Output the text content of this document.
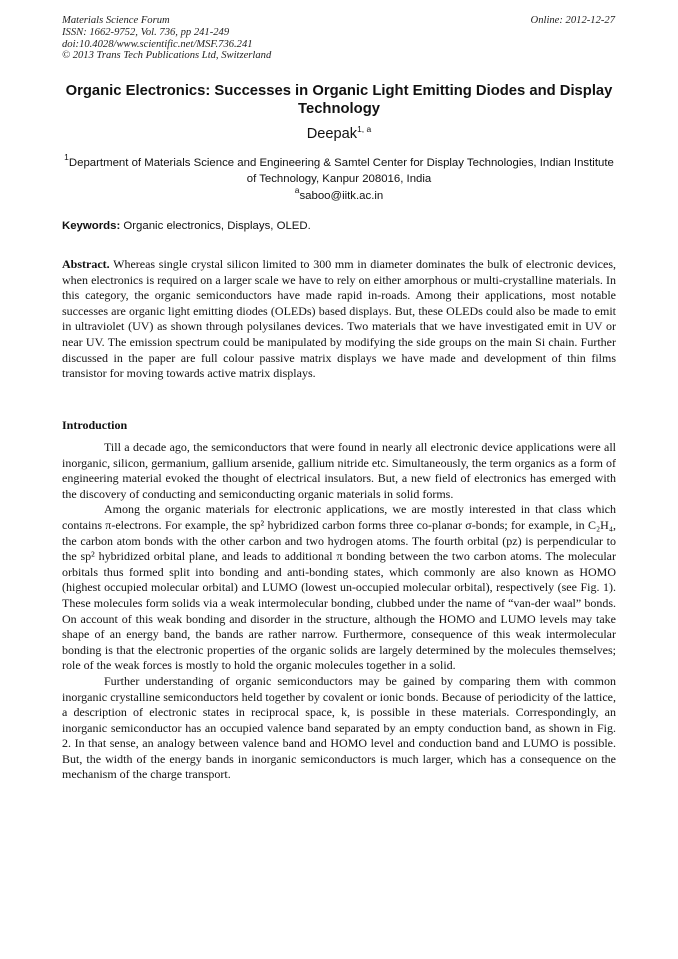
Materials Science Forum
ISSN: 1662-9752, Vol. 736, pp 241-249
doi:10.4028/www.scientific.net/MSF.736.241
© 2013 Trans Tech Publications Ltd, Switzerland
Online: 2012-12-27
Organic Electronics: Successes in Organic Light Emitting Diodes and Display Technology
Deepak$^{1, a}$
$^1$Department of Materials Science and Engineering & Samtel Center for Display Technologies, Indian Institute of Technology, Kanpur 208016, India
$^a$saboo@iitk.ac.in
Keywords: Organic electronics, Displays, OLED.
Abstract. Whereas single crystal silicon limited to 300 mm in diameter dominates the bulk of electronic devices, when electronics is required on a larger scale we have to rely on either amorphous or multi-crystalline materials. In this category, the organic semiconductors have made rapid in-roads. Among their applications, most notable successes are organic light emitting diodes (OLEDs) based displays. But, these OLEDs could also be made to emit in ultraviolet (UV) as shown through polysilanes devices. Two materials that we have investigated emit in UV or near UV. The emission spectrum could be manipulated by modifying the side groups on the main Si chain. Further discussed in the paper are full colour passive matrix displays we have made and development of thin films transistor for moving towards active matrix displays.
Introduction

Till a decade ago, the semiconductors that were found in nearly all electronic device applications were all inorganic, silicon, germanium, gallium arsenide, gallium nitride etc. Simultaneously, the term organics as a form of engineering material evoked the thought of electrical insulators. But, a new field of electronics has emerged with the discovery of conducting and semiconducting organic materials in solid forms.

Among the organic materials for electronic applications, we are mostly interested in that class which contains π-electrons. For example, the sp² hybridized carbon forms three co-planar σ-bonds; for example, in C₂H₄, the carbon atom bonds with the other carbon and two hydrogen atoms. The fourth orbital (pz) is perpendicular to the sp² hybridized orbital plane, and leads to additional π bonding between the two carbon atoms. The molecular orbitals thus formed split into bonding and anti-bonding states, which commonly are also known as HOMO (highest occupied molecular orbital) and LUMO (lowest un-occupied molecular orbital), respectively (see Fig. 1). These molecules form solids via a weak intermolecular bonding, clubbed under the name of “van-der waal” bonds. On account of this weak bonding and disorder in the structure, although the HOMO and LUMO levels may take shape of an energy band, the bands are rather narrow. Furthermore, consequence of this weak intermolecular bonding is that the electronic properties of the organic solids are largely determined by the molecules themselves; role of the weak forces is mostly to hold the organic molecules together in a solid.

Further understanding of organic semiconductors may be gained by comparing them with common inorganic crystalline semiconductors held together by covalent or ionic bonds. Because of periodicity of the lattice, a description of electronic states in reciprocal space, k, is possible in these materials. Correspondingly, an inorganic semiconductor has an occupied valence band separated by an empty conduction band, as shown in Fig. 2. In that sense, an analogy between valence band and HOMO level and conduction band and LUMO is possible. But, the width of the energy bands in inorganic semiconductors is much larger, which has a consequence on the mechanism of the charge transport.
